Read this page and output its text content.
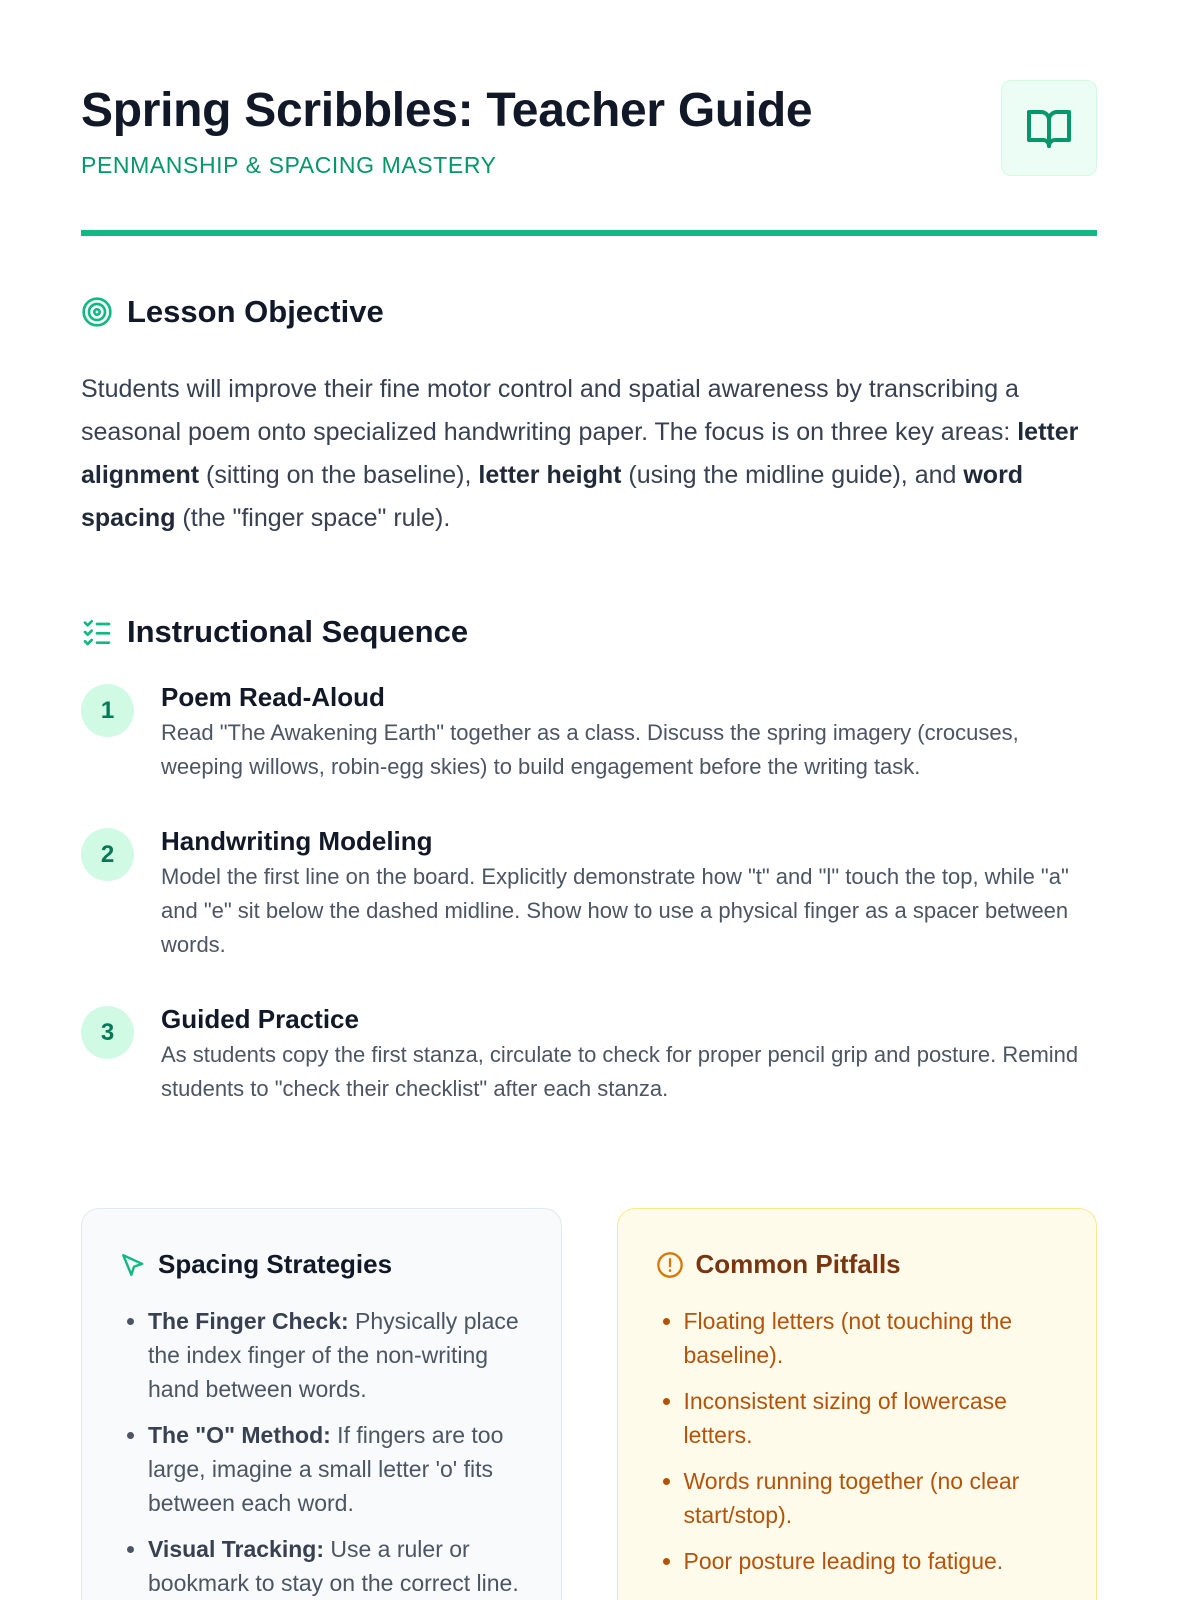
Spring Scribbles: Teacher Guide
PENMANSHIP & SPACING MASTERY
Lesson Objective

Students will improve their fine motor control and spatial awareness by transcribing a seasonal poem onto specialized handwriting paper. The focus is on three key areas: letter alignment (sitting on the baseline), letter height (using the midline guide), and word spacing (the "finger space" rule).

Instructional Sequence
1	Poem Read-Aloud
Read "The Awakening Earth" together as a class. Discuss the spring imagery (crocuses, weeping willows, robin-egg skies) to build engagement before the writing task.
2	Handwriting Modeling
Model the first line on the board. Explicitly demonstrate how "t" and "l" touch the top, while "a" and "e" sit below the dashed midline. Show how to use a physical finger as a spacer between words.
3	Guided Practice
As students copy the first stanza, circulate to check for proper pencil grip and posture. Remind students to "check their checklist" after each stanza.
Spacing Strategies
• The Finger Check: Physically place the index finger of the non-writing hand between words.
• The "O" Method: If fingers are too large, imagine a small letter 'o' fits between each word.
• Visual Tracking: Use a ruler or bookmark to stay on the correct line.
Common Pitfalls
• Floating letters (not touching the baseline).
• Inconsistent sizing of lowercase letters.
• Words running together (no clear start/stop).
• Poor posture leading to fatigue.
